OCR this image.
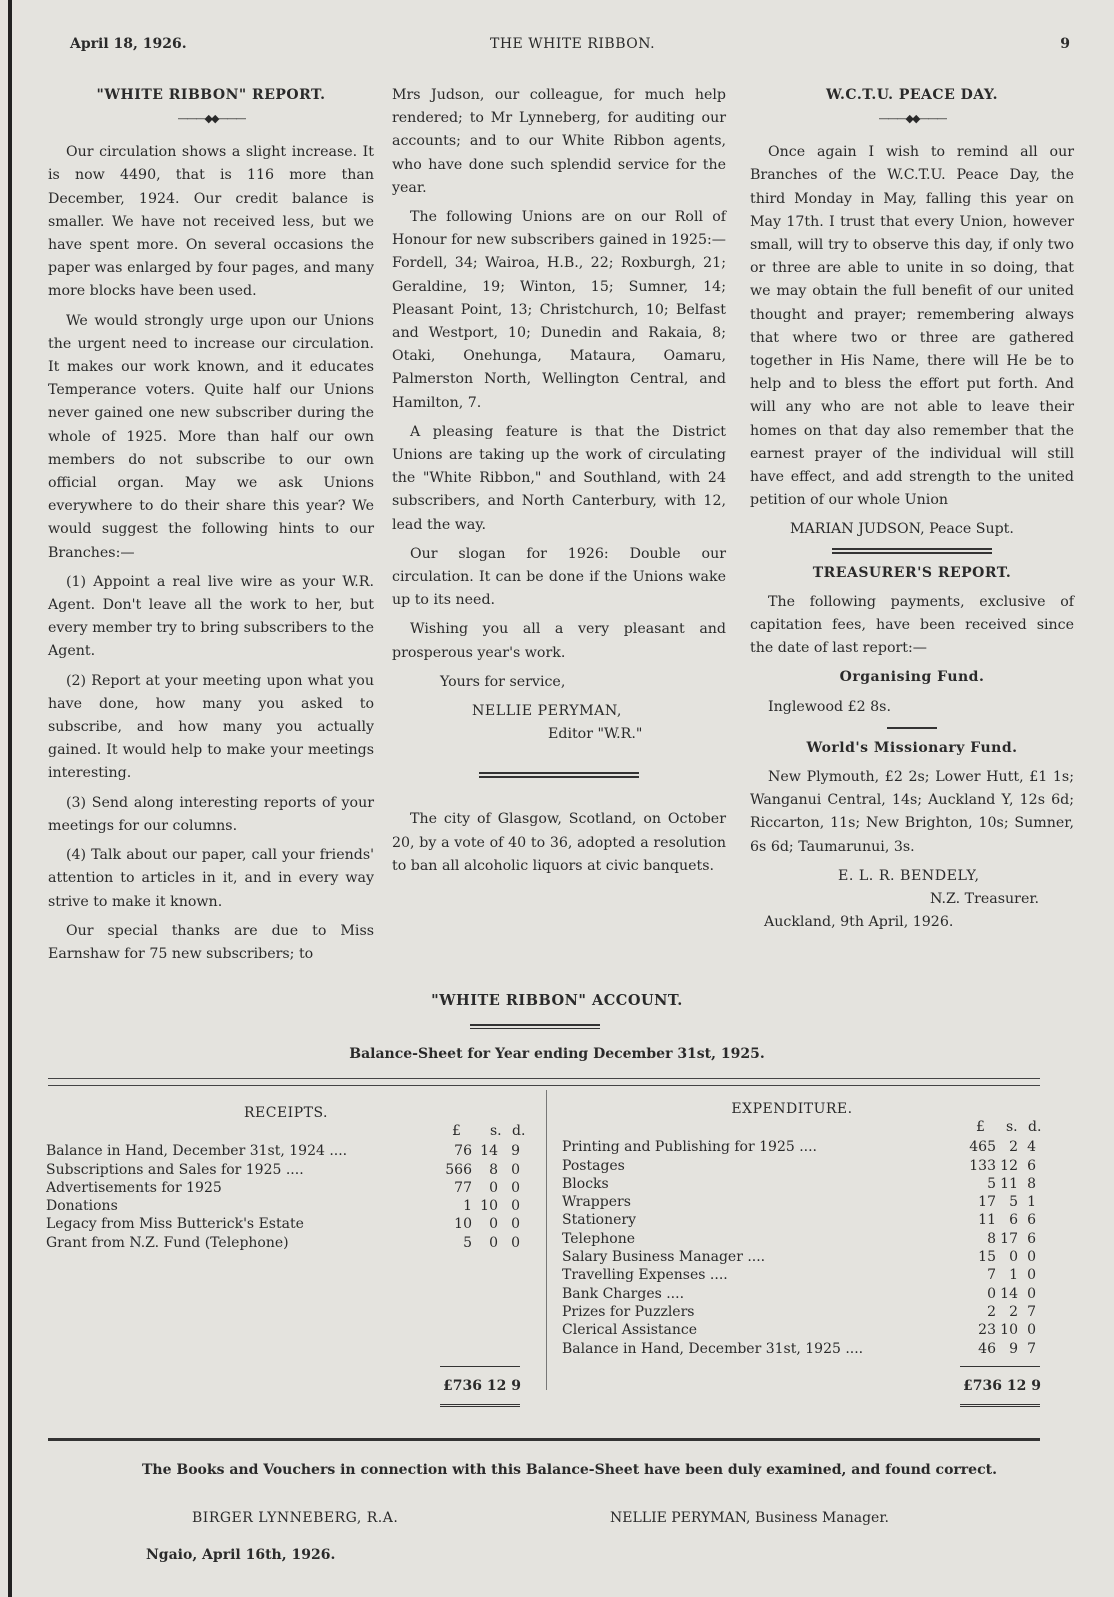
April 18, 1926.	THE WHITE RIBBON.	9

"WHITE RIBBON" REPORT.

———◆◆———

Our circulation shows a slight increase. It is now 4490, that is 116 more than December, 1924. Our credit balance is smaller. We have not received less, but we have spent more. On several occasions the paper was enlarged by four pages, and many more blocks have been used.

We would strongly urge upon our Unions the urgent need to increase our circulation. It makes our work known, and it educates Temperance voters. Quite half our Unions never gained one new subscriber during the whole of 1925. More than half our own members do not subscribe to our own official organ. May we ask Unions everywhere to do their share this year? We would suggest the following hints to our Branches:—

(1) Appoint a real live wire as your W.R. Agent. Don't leave all the work to her, but every member try to bring subscribers to the Agent.

(2) Report at your meeting upon what you have done, how many you asked to subscribe, and how many you actually gained. It would help to make your meetings interesting.

(3) Send along interesting reports of your meetings for our columns.

(4) Talk about our paper, call your friends' attention to articles in it, and in every way strive to make it known.

Our special thanks are due to Miss Earnshaw for 75 new subscribers; to

Mrs Judson, our colleague, for much help rendered; to Mr Lynneberg, for auditing our accounts; and to our White Ribbon agents, who have done such splendid service for the year.

The following Unions are on our Roll of Honour for new subscribers gained in 1925:—Fordell, 34; Wairoa, H.B., 22; Roxburgh, 21; Geraldine, 19; Winton, 15; Sumner, 14; Pleasant Point, 13; Christchurch, 10; Belfast and Westport, 10; Dunedin and Rakaia, 8; Otaki, Onehunga, Mataura, Oamaru, Palmerston North, Wellington Central, and Hamilton, 7.

A pleasing feature is that the District Unions are taking up the work of circulating the "White Ribbon," and Southland, with 24 subscribers, and North Canterbury, with 12, lead the way.

Our slogan for 1926: Double our circulation. It can be done if the Unions wake up to its need.

Wishing you all a very pleasant and prosperous year's work.

Yours for service,

NELLIE PERYMAN,

Editor "W.R."

The city of Glasgow, Scotland, on October 20, by a vote of 40 to 36, adopted a resolution to ban all alcoholic liquors at civic banquets.

W.C.T.U. PEACE DAY.

———◆◆———

Once again I wish to remind all our Branches of the W.C.T.U. Peace Day, the third Monday in May, falling this year on May 17th. I trust that every Union, however small, will try to observe this day, if only two or three are able to unite in so doing, that we may obtain the full benefit of our united thought and prayer; remembering always that where two or three are gathered together in His Name, there will He be to help and to bless the effort put forth. And will any who are not able to leave their homes on that day also remember that the earnest prayer of the individual will still have effect, and add strength to the united petition of our whole Union

MARIAN JUDSON, Peace Supt.

TREASURER'S REPORT.

The following payments, exclusive of capitation fees, have been received since the date of last report:—

Organising Fund.

Inglewood £2 8s.

World's Missionary Fund.

New Plymouth, £2 2s; Lower Hutt, £1 1s; Wanganui Central, 14s; Auckland Y, 12s 6d; Riccarton, 11s; New Brighton, 10s; Sumner, 6s 6d; Taumarunui, 3s.

E. L. R. BENDELY,

N.Z. Treasurer.

Auckland, 9th April, 1926.

"WHITE RIBBON" ACCOUNT.
Balance-Sheet for Year ending December 31st, 1925.
RECEIPTS.
£ s. d.
Balance in Hand, December 31st, 1924 ....	76 14 9
Subscriptions and Sales for 1925 ....	566	8 0
Advertisements for 1925	77	0 0
Donations	1 10 0
Legacy from Miss Butterick's Estate	10	0 0
Grant from N.Z. Fund (Telephone)	5	0 0
EXPENDITURE.
£ s. d.
Printing and Publishing for 1925 ....	465 2 4
Postages	133 12 6
Blocks	5 11 8
Wrappers	17 5 1
Stationery	11 6 6
Telephone	8 17 6
Salary Business Manager ....	15 0 0
Travelling Expenses ....	7 1 0
Bank Charges ....	0 14 0
Prizes for Puzzlers	2 2 7
Clerical Assistance	23 10 0
Balance in Hand, December 31st, 1925 ....	46 9 7
£736 12 9	£736 12 9
The Books and Vouchers in connection with this Balance-Sheet have been duly examined, and found correct.
BIRGER LYNNEBERG, R.A.	NELLIE PERYMAN, Business Manager.
Ngaio, April 16th, 1926.
